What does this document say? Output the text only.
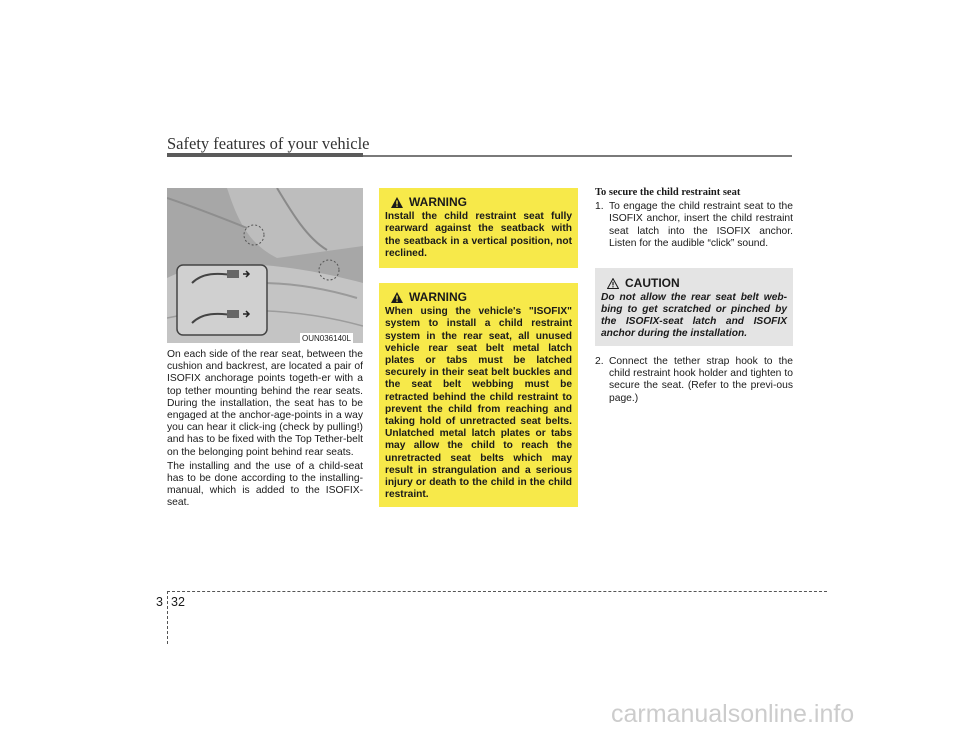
Safety features of your vehicle
OUN036140L

On each side of the rear seat, between the cushion and backrest, are located a pair of ISOFIX anchorage points togeth-er with a top tether mounting behind the rear seats. During the installation, the seat has to be engaged at the anchor-age-points in a way you can hear it click-ing (check by pulling!) and has to be fixed with the Top Tether-belt on the belonging point behind rear seats.

The installing and the use of a child-seat has to be done according to the installing-manual, which is added to the ISOFIX-seat.

WARNING
Install the child restraint seat fully rearward against the seatback with the seatback in a vertical position, not reclined.
WARNING
When using the vehicle's "ISOFIX" system to install a child restraint system in the rear seat, all unused vehicle rear seat belt metal latch plates or tabs must be latched securely in their seat belt buckles and the seat belt webbing must be retracted behind the child restraint to prevent the child from reaching and taking hold of unretracted seat belts. Unlatched metal latch plates or tabs may allow the child to reach the unretracted seat belts which may result in strangulation and a serious injury or death to the child in the child restraint.
To secure the child restraint seat
1. To engage the child restraint seat to the ISOFIX anchor, insert the child restraint seat latch into the ISOFIX anchor. Listen for the audible “click” sound.
CAUTION
Do not allow the rear seat belt web-bing to get scratched or pinched by the ISOFIX-seat latch and ISOFIX anchor during the installation.
2. Connect the tether strap hook to the child restraint hook holder and tighten to secure the seat. (Refer to the previ-ous page.)
3 32
carmanualsonline.info
